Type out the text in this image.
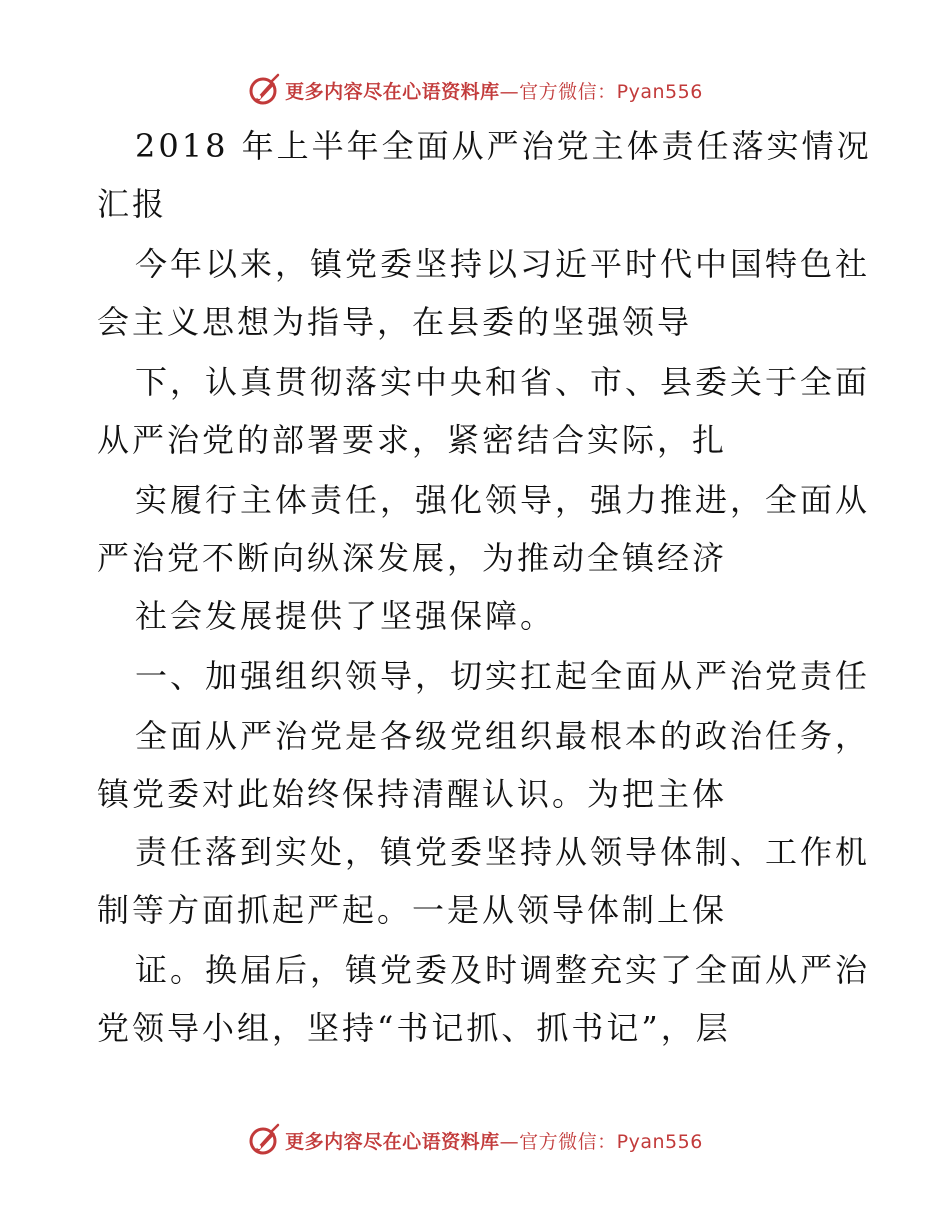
更多内容尽在心语资料库—官方微信：Pyan556
2018 年上半年全面从严治党主体责任落实情况
汇报
今年以来，镇党委坚持以习近平时代中国特色社
会主义思想为指导，在县委的坚强领导
下，认真贯彻落实中央和省、市、县委关于全面
从严治党的部署要求，紧密结合实际，扎
实履行主体责任，强化领导，强力推进，全面从
严治党不断向纵深发展，为推动全镇经济
社会发展提供了坚强保障。
一、加强组织领导，切实扛起全面从严治党责任
全面从严治党是各级党组织最根本的政治任务，
镇党委对此始终保持清醒认识。为把主体
责任落到实处，镇党委坚持从领导体制、工作机
制等方面抓起严起。一是从领导体制上保
证。换届后，镇党委及时调整充实了全面从严治
党领导小组，坚持“书记抓、抓书记”，层
更多内容尽在心语资料库—官方微信：Pyan556
